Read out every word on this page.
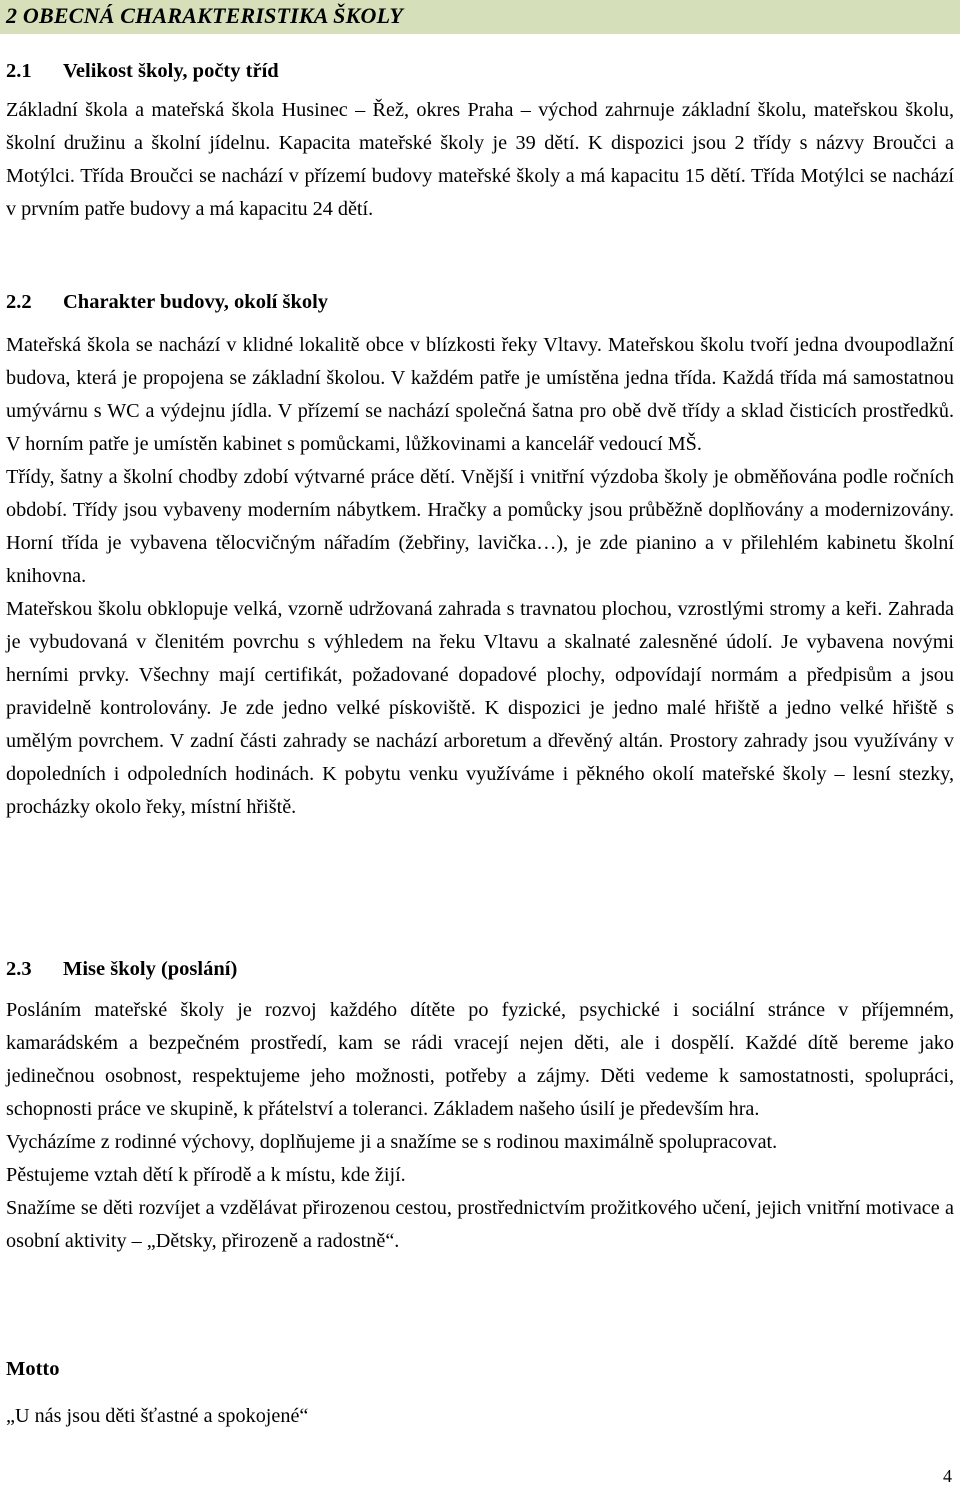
2 OBECNÁ CHARAKTERISTIKA ŠKOLY
2.1 Velikost školy, počty tříd

Základní škola a mateřská škola Husinec – Řež, okres Praha – východ zahrnuje základní školu, mateřskou školu, školní družinu a školní jídelnu. Kapacita mateřské školy je 39 dětí. K dispozici jsou 2 třídy s názvy Broučci a Motýlci. Třída Broučci se nachází v přízemí budovy mateřské školy a má kapacitu 15 dětí. Třída Motýlci se nachází v prvním patře budovy a má kapacitu 24 dětí.

2.2 Charakter budovy, okolí školy

Mateřská škola se nachází v klidné lokalitě obce v blízkosti řeky Vltavy. Mateřskou školu tvoří jedna dvoupodlažní budova, která je propojena se základní školou. V každém patře je umístěna jedna třída. Každá třída má samostatnou umývárnu s WC a výdejnu jídla. V přízemí se nachází společná šatna pro obě dvě třídy a sklad čisticích prostředků. V horním patře je umístěn kabinet s pomůckami, lůžkovinami a kancelář vedoucí MŠ.

Třídy, šatny a školní chodby zdobí výtvarné práce dětí. Vnější i vnitřní výzdoba školy je obměňována podle ročních období. Třídy jsou vybaveny moderním nábytkem. Hračky a pomůcky jsou průběžně doplňovány a modernizovány. Horní třída je vybavena tělocvičným nářadím (žebřiny, lavička…), je zde pianino a v přilehlém kabinetu školní knihovna.

Mateřskou školu obklopuje velká, vzorně udržovaná zahrada s travnatou plochou, vzrostlými stromy a keři. Zahrada je vybudovaná v členitém povrchu s výhledem na řeku Vltavu a skalnaté zalesněné údolí. Je vybavena novými herními prvky. Všechny mají certifikát, požadované dopadové plochy, odpovídají normám a předpisům a jsou pravidelně kontrolovány. Je zde jedno velké pískoviště. K dispozici je jedno malé hřiště a jedno velké hřiště s umělým povrchem. V zadní části zahrady se nachází arboretum a dřevěný altán. Prostory zahrady jsou využívány v dopoledních i odpoledních hodinách. K pobytu venku využíváme i pěkného okolí mateřské školy – lesní stezky, procházky okolo řeky, místní hřiště.

2.3 Mise školy (poslání)

Posláním mateřské školy je rozvoj každého dítěte po fyzické, psychické i sociální stránce v příjemném, kamarádském a bezpečném prostředí, kam se rádi vracejí nejen děti, ale i dospělí. Každé dítě bereme jako jedinečnou osobnost, respektujeme jeho možnosti, potřeby a zájmy. Děti vedeme k samostatnosti, spolupráci, schopnosti práce ve skupině, k přátelství a toleranci. Základem našeho úsilí je především hra.

Vycházíme z rodinné výchovy, doplňujeme ji a snažíme se s rodinou maximálně spolupracovat.

Pěstujeme vztah dětí k přírodě a k místu, kde žijí.

Snažíme se děti rozvíjet a vzdělávat přirozenou cestou, prostřednictvím prožitkového učení, jejich vnitřní motivace a osobní aktivity – „Dětsky, přirozeně a radostně“.

Motto

„U nás jsou děti šťastné a spokojené“

4
